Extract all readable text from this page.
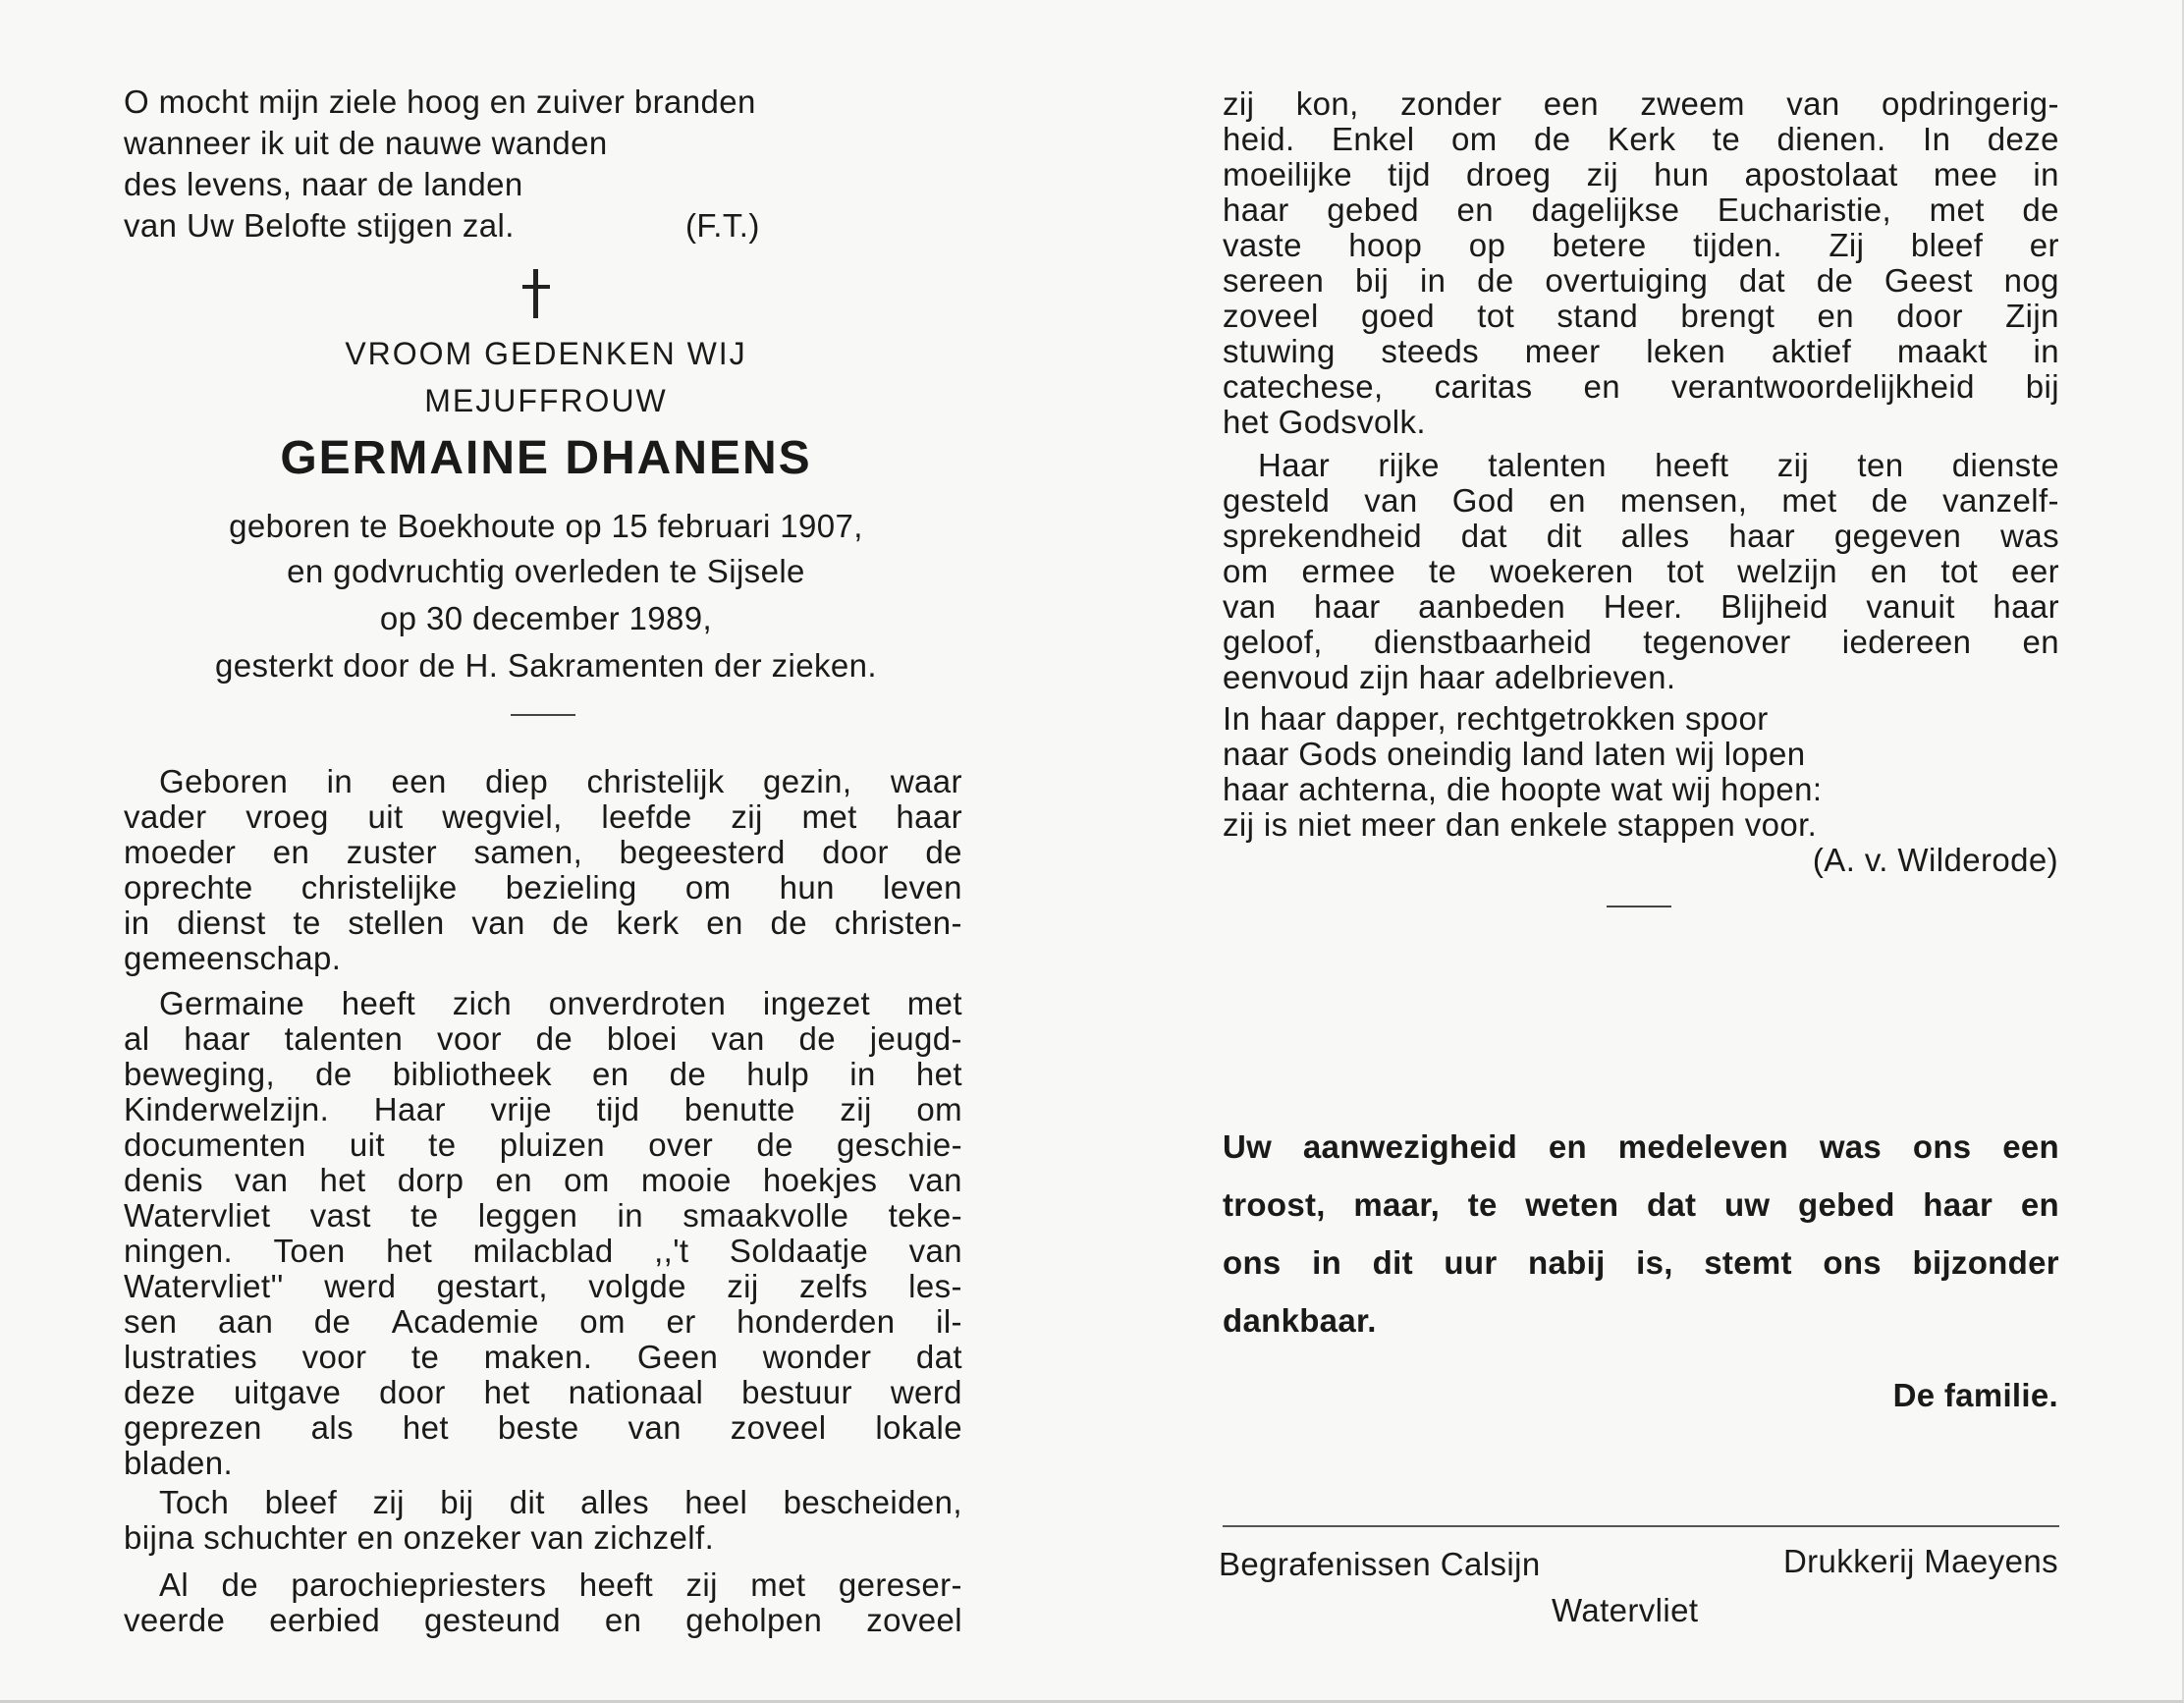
O mocht mijn ziele hoog en zuiver branden
wanneer ik uit de nauwe wanden
des levens, naar de landen
van Uw Belofte stijgen zal.	(F.T.)
VROOM GEDENKEN WIJ
MEJUFFROUW
GERMAINE DHANENS
geboren te Boekhoute op 15 februari 1907,
en godvruchtig overleden te Sijsele
op 30 december 1989,
gesterkt door de H. Sakramenten der zieken.
Geboren in een diep christelijk gezin, waar
vader vroeg uit wegviel, leefde zij met haar
moeder en zuster samen, begeesterd door de
oprechte christelijke bezieling om hun leven
in dienst te stellen van de kerk en de christen-
gemeenschap.
Germaine heeft zich onverdroten ingezet met
al haar talenten voor de bloei van de jeugd-
beweging, de bibliotheek en de hulp in het
Kinderwelzijn. Haar vrije tijd benutte zij om
documenten uit te pluizen over de geschie-
denis van het dorp en om mooie hoekjes van
Watervliet vast te leggen in smaakvolle teke-
ningen. Toen het milacblad ,,'t Soldaatje van
Watervliet'' werd gestart, volgde zij zelfs les-
sen aan de Academie om er honderden il-
lustraties voor te maken. Geen wonder dat
deze uitgave door het nationaal bestuur werd
geprezen als het beste van zoveel lokale
bladen.
Toch bleef zij bij dit alles heel bescheiden,
bijna schuchter en onzeker van zichzelf.
Al de parochiepriesters heeft zij met gereser-
veerde eerbied gesteund en geholpen zoveel
zij kon, zonder een zweem van opdringerig-
heid. Enkel om de Kerk te dienen. In deze
moeilijke tijd droeg zij hun apostolaat mee in
haar gebed en dagelijkse Eucharistie, met de
vaste hoop op betere tijden. Zij bleef er
sereen bij in de overtuiging dat de Geest nog
zoveel goed tot stand brengt en door Zijn
stuwing steeds meer leken aktief maakt in
catechese, caritas en verantwoordelijkheid bij
het Godsvolk.
Haar rijke talenten heeft zij ten dienste
gesteld van God en mensen, met de vanzelf-
sprekendheid dat dit alles haar gegeven was
om ermee te woekeren tot welzijn en tot eer
van haar aanbeden Heer. Blijheid vanuit haar
geloof, dienstbaarheid tegenover iedereen en
eenvoud zijn haar adelbrieven.
In haar dapper, rechtgetrokken spoor
naar Gods oneindig land laten wij lopen
haar achterna, die hoopte wat wij hopen:
zij is niet meer dan enkele stappen voor.
(A. v. Wilderode)
Uw aanwezigheid en medeleven was ons een
troost, maar, te weten dat uw gebed haar en
ons in dit uur nabij is, stemt ons bijzonder
dankbaar.
De familie.
Begrafenissen Calsijn	Drukkerij Maeyens
Watervliet
